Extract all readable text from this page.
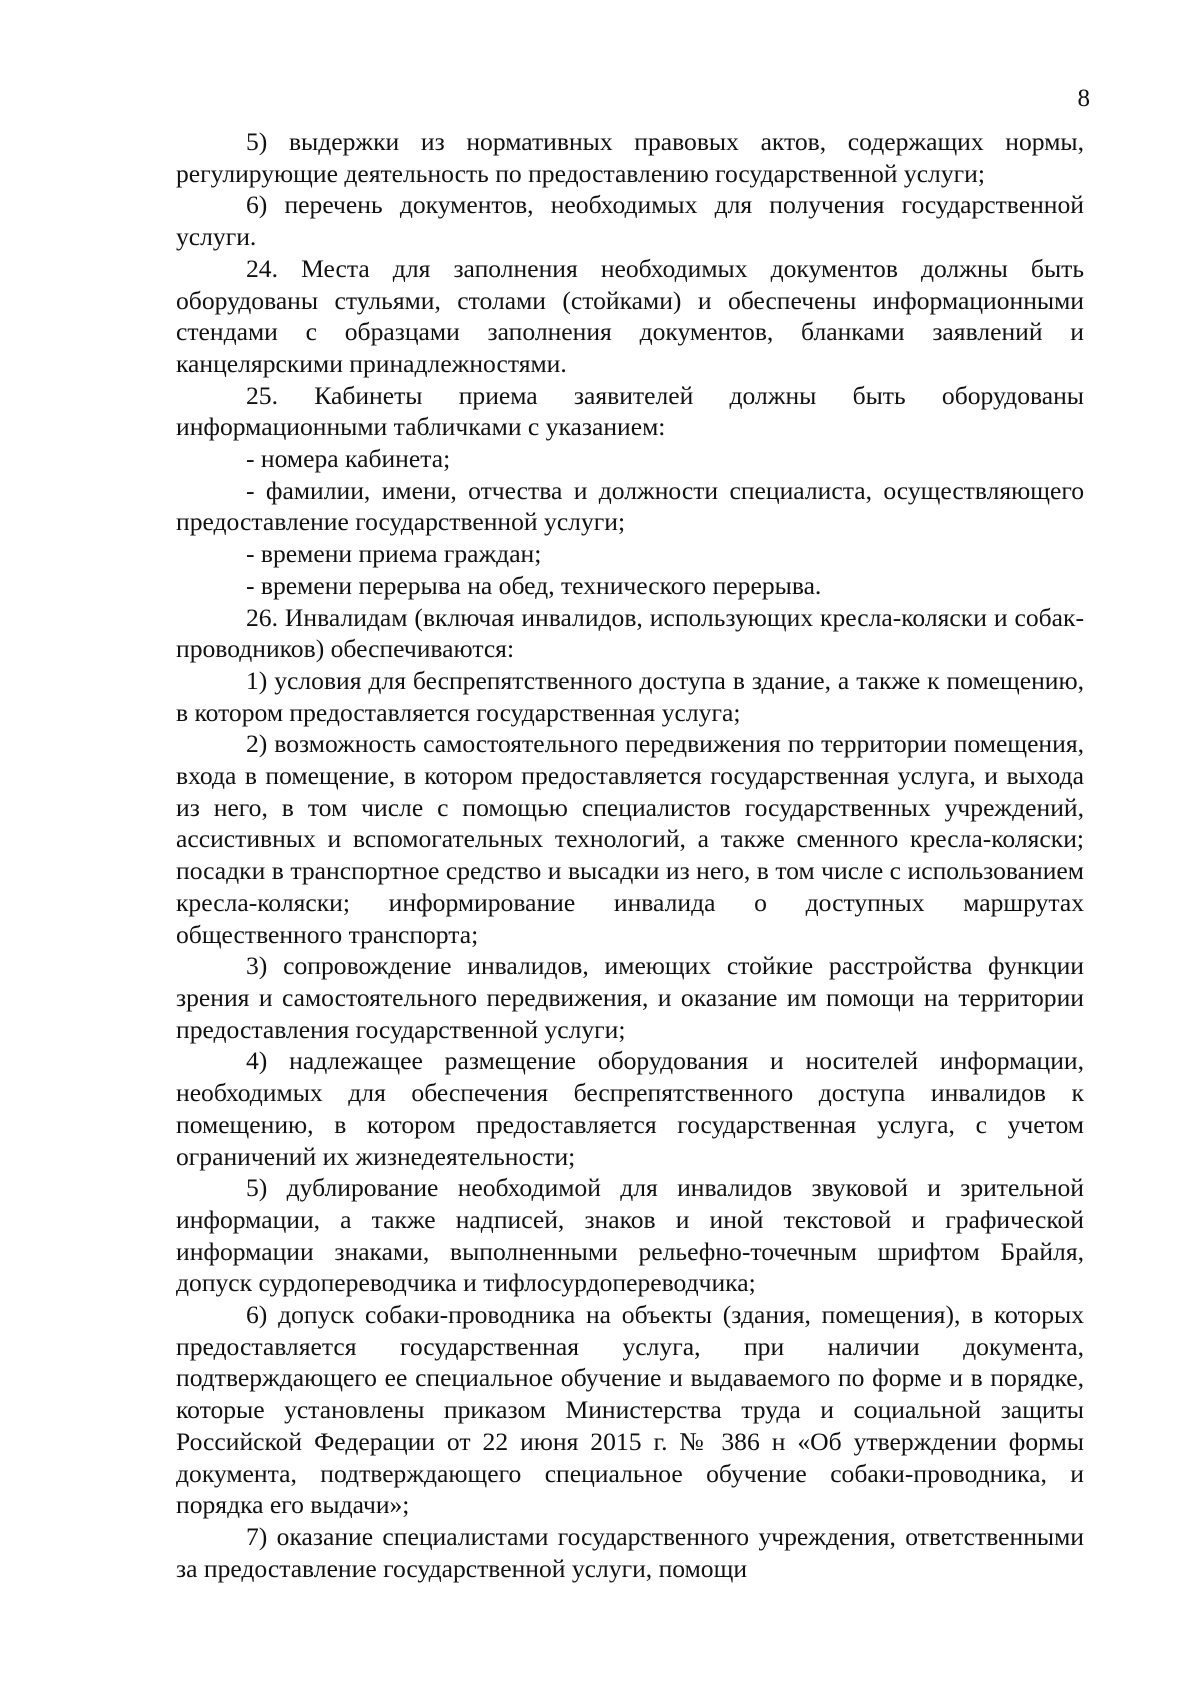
8

5) выдержки из нормативных правовых актов, содержащих нормы, регулирующие деятельность по предоставлению государственной услуги;

6) перечень документов, необходимых для получения государственной услуги.

24. Места для заполнения необходимых документов должны быть оборудованы стульями, столами (стойками) и обеспечены информационными стендами с образцами заполнения документов, бланками заявлений и канцелярскими принадлежностями.

25. Кабинеты приема заявителей должны быть оборудованы информационными табличками с указанием:

- номера кабинета;

- фамилии, имени, отчества и должности специалиста, осуществляющего предоставление государственной услуги;

- времени приема граждан;

- времени перерыва на обед, технического перерыва.

26. Инвалидам (включая инвалидов, использующих кресла-коляски и собак-проводников) обеспечиваются:

1) условия для беспрепятственного доступа в здание, а также к помещению, в котором предоставляется государственная услуга;

2) возможность самостоятельного передвижения по территории помещения, входа в помещение, в котором предоставляется государственная услуга, и выхода из него, в том числе с помощью специалистов государственных учреждений, ассистивных и вспомогательных технологий, а также сменного кресла-коляски; посадки в транспортное средство и высадки из него, в том числе с использованием кресла-коляски; информирование инвалида о доступных маршрутах общественного транспорта;

3) сопровождение инвалидов, имеющих стойкие расстройства функции зрения и самостоятельного передвижения, и оказание им помощи на территории предоставления государственной услуги;

4) надлежащее размещение оборудования и носителей информации, необходимых для обеспечения беспрепятственного доступа инвалидов к помещению, в котором предоставляется государственная услуга, с учетом ограничений их жизнедеятельности;

5) дублирование необходимой для инвалидов звуковой и зрительной информации, а также надписей, знаков и иной текстовой и графической информации знаками, выполненными рельефно-точечным шрифтом Брайля, допуск сурдопереводчика и тифлосурдопереводчика;

6) допуск собаки-проводника на объекты (здания, помещения), в которых предоставляется государственная услуга, при наличии документа, подтверждающего ее специальное обучение и выдаваемого по форме и в порядке, которые установлены приказом Министерства труда и социальной защиты Российской Федерации от 22 июня 2015 г. № 386 н «Об утверждении формы документа, подтверждающего специальное обучение собаки-проводника, и порядка его выдачи»;

7) оказание специалистами государственного учреждения, ответственными за предоставление государственной услуги, помощи
